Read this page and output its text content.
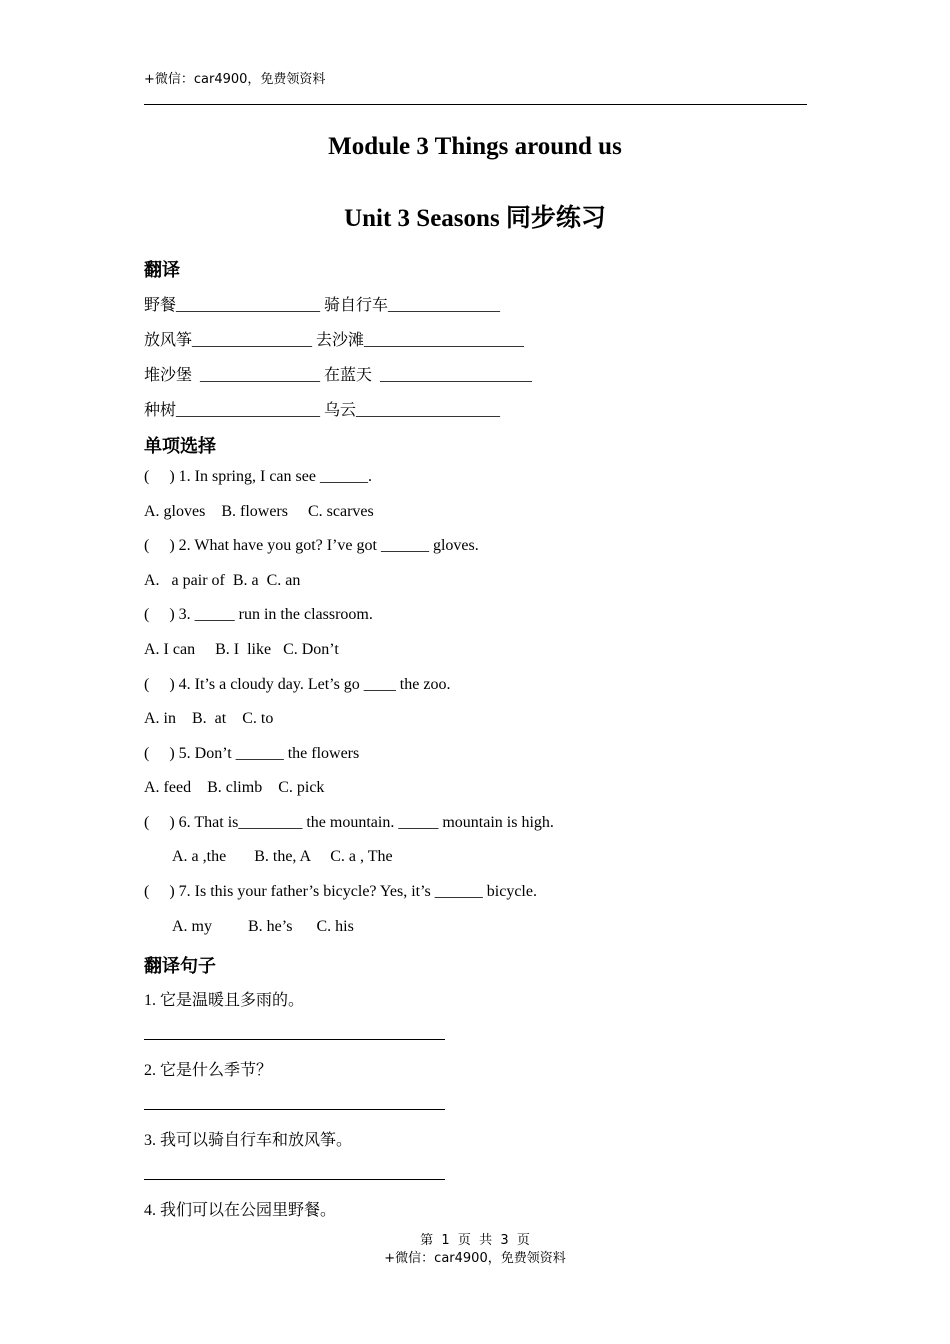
+微信：car4900，免费领资料
Module 3 Things around us
Unit 3 Seasons 同步练习
翻译
野餐__________________ 骑自行车______________
放风筝_______________ 去沙滩____________________
堆沙堡  _______________ 在蓝天  ___________________
种树__________________ 乌云__________________
单项选择
(     ) 1. In spring, I can see ______.
A. gloves    B. flowers     C. scarves
(     ) 2. What have you got? I’ve got ______ gloves.
A.   a pair of  B. a  C. an
(     ) 3. _____ run in the classroom.
A. I can     B. I  like   C. Don’t
(     ) 4. It’s a cloudy day. Let’s go ____ the zoo.
A. in    B.  at    C. to
(     ) 5. Don’t ______ the flowers
A. feed    B. climb    C. pick
(     ) 6. That is________ the mountain. _____ mountain is high.
A. a ,the       B. the, A     C. a , The
(     ) 7. Is this your father’s bicycle? Yes, it’s ______ bicycle.
A. my         B. he’s      C. his
翻译句子
1. 它是温暖且多雨的。
2. 它是什么季节？
3. 我可以骑自行车和放风筝。
4. 我们可以在公园里野餐。
第  1  页  共  3  页
+微信：car4900，免费领资料
